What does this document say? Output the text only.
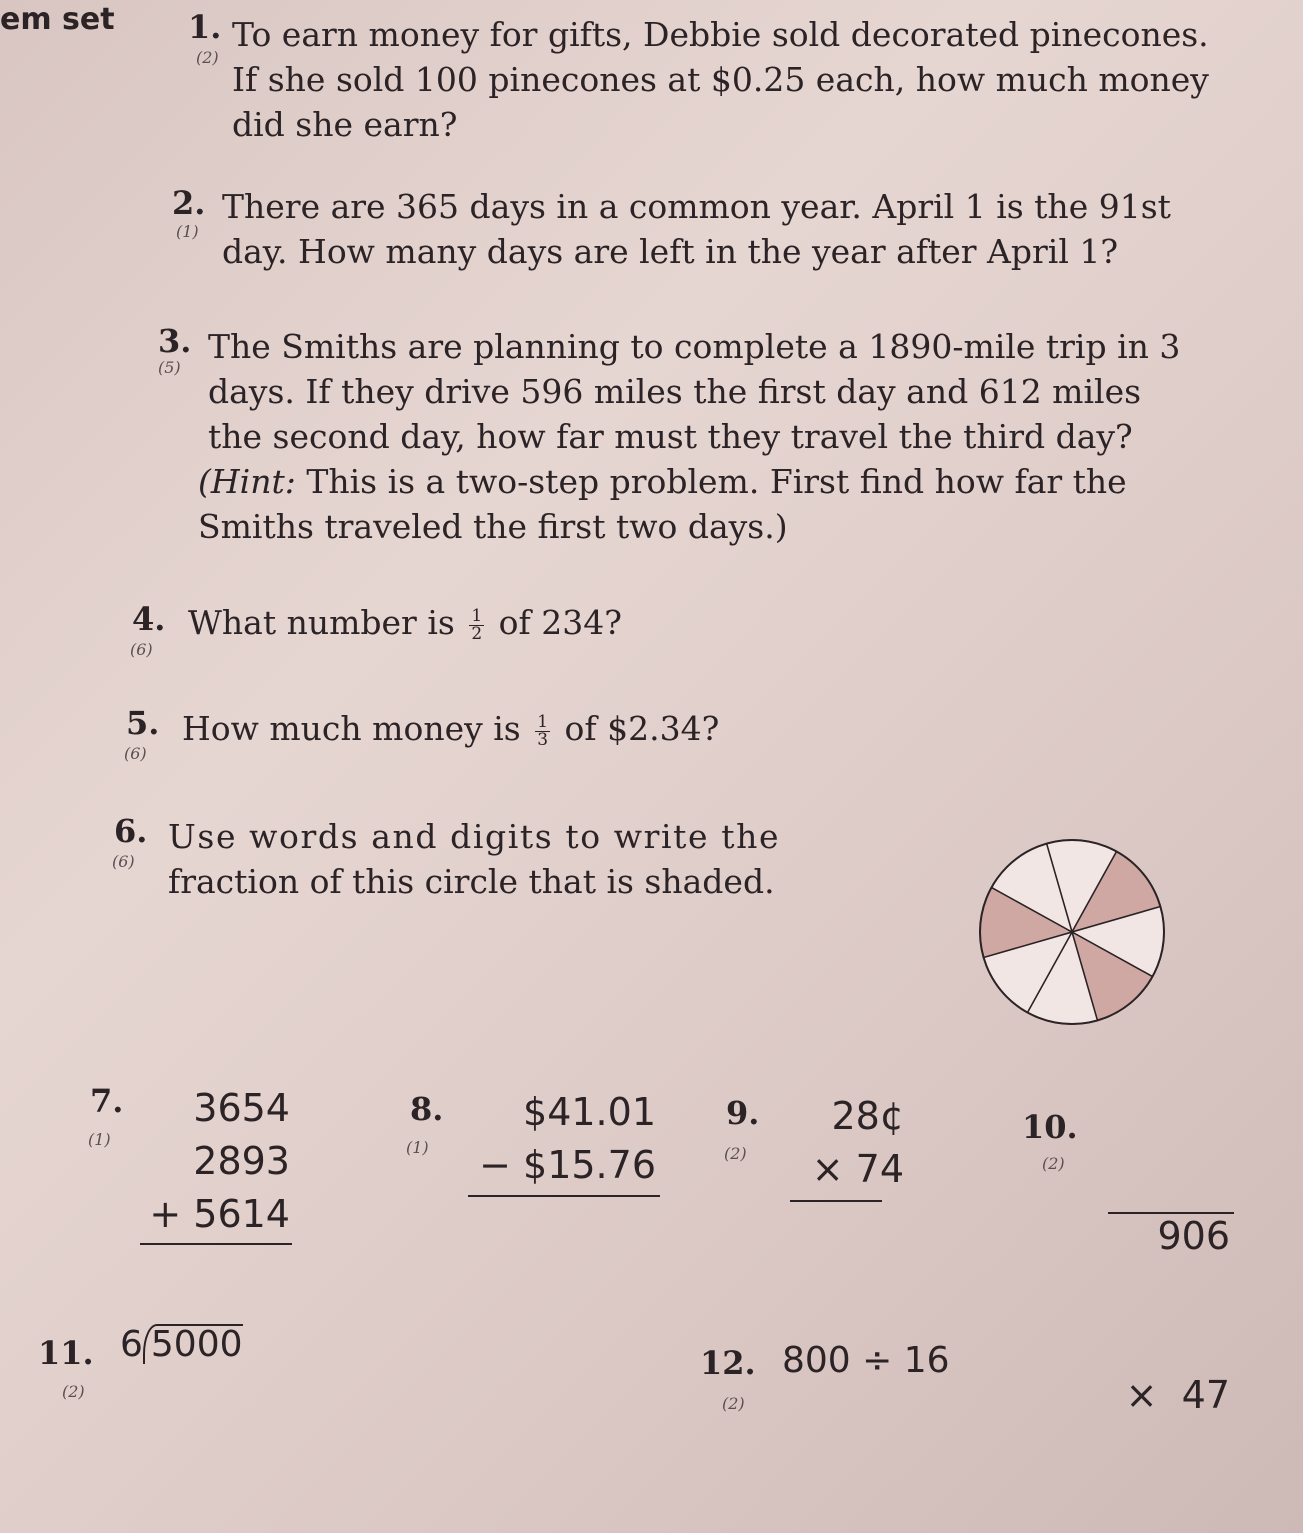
em set 1.
(2)
To earn money for gifts, Debbie sold decorated pinecones.
If she sold 100 pinecones at $0.25 each, how much money
did she earn?
2.
(1)
There are 365 days in a common year. April 1 is the 91st
day. How many days are left in the year after April 1?
3.
(5)
The Smiths are planning to complete a 1890-mile trip in 3
days. If they drive 596 miles the first day and 612 miles
the second day, how far must they travel the third day?
(Hint: This is a two-step problem. First find how far the
Smiths traveled the first two days.)
4.
(6)
What number is $\frac{1}{2}$ of 234?
5.
(6)
How much money is $\frac{1}{3}$ of $2.34?
6.
(6)
Use words and digits to write the
fraction of this circle that is shaded.
7.
(1)
3654
2893
+ 5614
8.
(1)
$41.01
− $15.76
9.
(2)
28¢
× 74
10.
(2)

906

×  47

11.
(2)
6 5000	12.
(2)
800 ÷ 16
